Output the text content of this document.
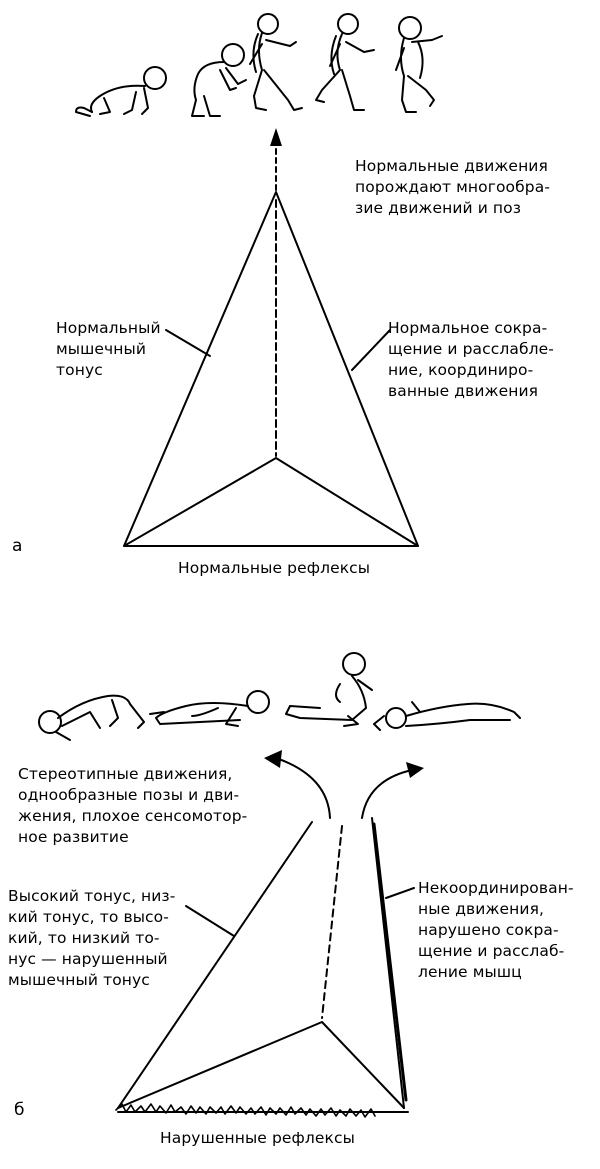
Нормальные движения
порождают многообра-
зие движений и поз
Нормальный
мышечный
тонус
Нормальное сокра-
щение и расслабле-
ние, координиро-
ванные движения
а
Нормальные рефлексы
Стереотипные движения,
однообразные позы и дви-
жения, плохое сенсомотор-
ное развитие
Высокий тонус, низ-
кий тонус, то высо-
кий, то низкий то-
нус — нарушенный
мышечный тонус
Некоординирован-
ные движения,
нарушено сокра-
щение и расслаб-
ление мышц
б
Нарушенные рефлексы
